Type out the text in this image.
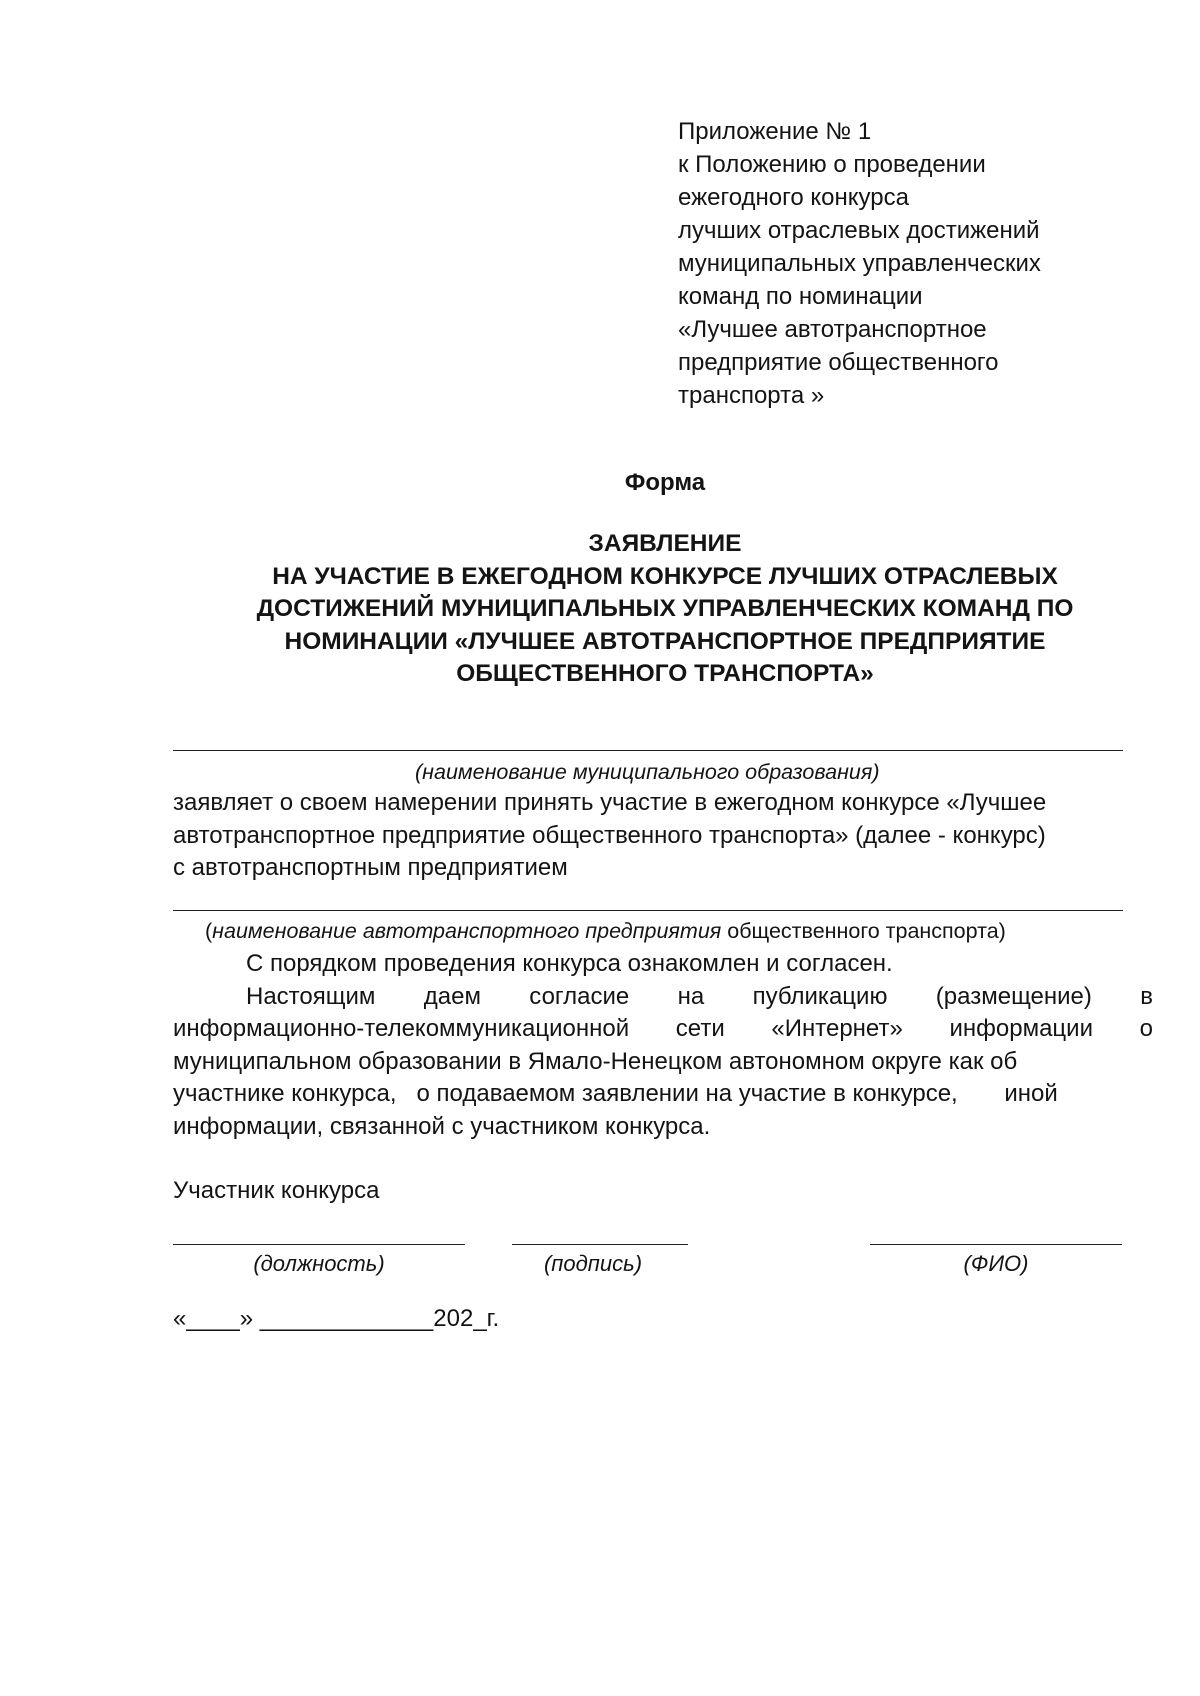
Приложение № 1
к Положению о проведении
ежегодного конкурса
лучших отраслевых достижений
муниципальных управленческих
команд по номинации
«Лучшее автотранспортное
предприятие общественного
транспорта »
Форма
ЗАЯВЛЕНИЕ
НА УЧАСТИЕ В ЕЖЕГОДНОМ КОНКУРСЕ ЛУЧШИХ ОТРАСЛЕВЫХ
ДОСТИЖЕНИЙ МУНИЦИПАЛЬНЫХ УПРАВЛЕНЧЕСКИХ КОМАНД ПО
НОМИНАЦИИ «ЛУЧШЕЕ АВТОТРАНСПОРТНОЕ ПРЕДПРИЯТИЕ
ОБЩЕСТВЕННОГО ТРАНСПОРТА»
(наименование муниципального образования)
заявляет о своем намерении принять участие в ежегодном конкурсе «Лучшее
автотранспортное предприятие общественного транспорта» (далее - конкурс)
с автотранспортным предприятием
(наименование автотранспортного предприятия общественного транспорта)
С порядком проведения конкурса ознакомлен и согласен.
Настоящим даем согласие на публикацию (размещение) в
информационно-телекоммуникационной сети «Интернет» информации о
муниципальном образовании в Ямало-Ненецком автономном округе как об
участнике конкурса,   о подаваемом заявлении на участие в конкурсе,       иной
информации, связанной с участником конкурса.
Участник конкурса
(должность)	(подпись)	(ФИО)
«____» _____________202_г.
